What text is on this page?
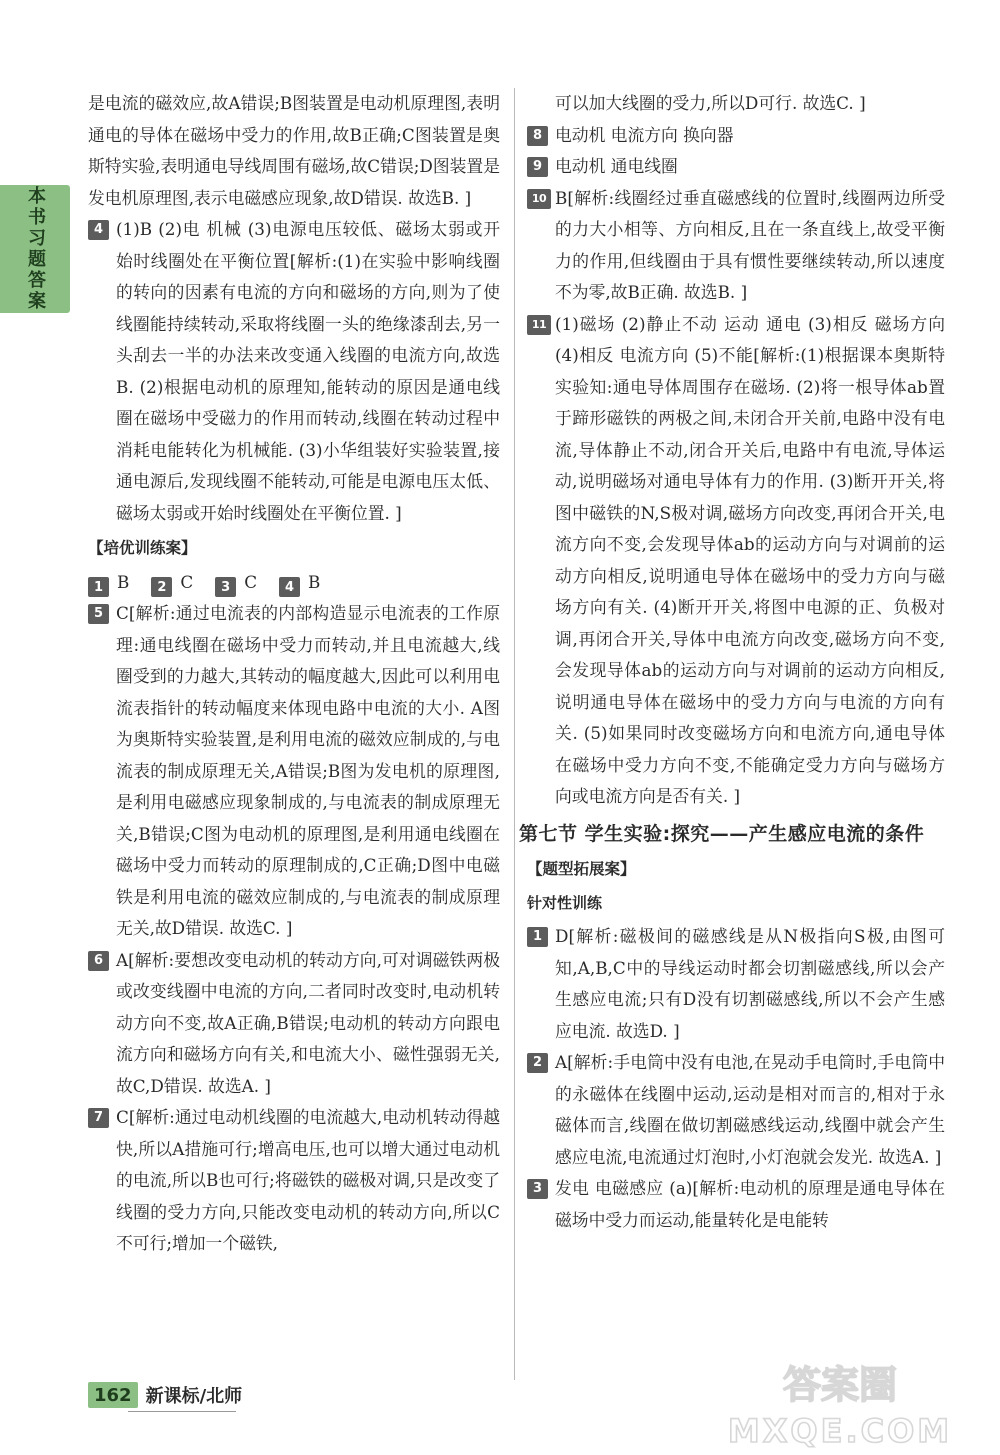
本书习题答案

是电流的磁效应,故A错误;B图装置是电动机原理图,表明通电的导体在磁场中受力的作用,故B正确;C图装置是奥斯特实验,表明通电导线周围有磁场,故C错误;D图装置是发电机原理图,表示电磁感应现象,故D错误. 故选B. ]

4 (1)B (2)电 机械 (3)电源电压较低、磁场太弱或开始时线圈处在平衡位置[解析:(1)在实验中影响线圈的转向的因素有电流的方向和磁场的方向,则为了使线圈能持续转动,采取将线圈一头的绝缘漆刮去,另一头刮去一半的办法来改变通入线圈的电流方向,故选B. (2)根据电动机的原理知,能转动的原因是通电线圈在磁场中受磁力的作用而转动,线圈在转动过程中消耗电能转化为机械能. (3)小华组装好实验装置,接通电源后,发现线圈不能转动,可能是电源电压太低、磁场太弱或开始时线圈处在平衡位置. ]
【培优训练案】
1 B	2 C	3 C	4 B
5 C[解析:通过电流表的内部构造显示电流表的工作原理:通电线圈在磁场中受力而转动,并且电流越大,线圈受到的力越大,其转动的幅度越大,因此可以利用电流表指针的转动幅度来体现电路中电流的大小. A图为奥斯特实验装置,是利用电流的磁效应制成的,与电流表的制成原理无关,A错误;B图为发电机的原理图,是利用电磁感应现象制成的,与电流表的制成原理无关,B错误;C图为电动机的原理图,是利用通电线圈在磁场中受力而转动的原理制成的,C正确;D图中电磁铁是利用电流的磁效应制成的,与电流表的制成原理无关,故D错误. 故选C. ]
6 A[解析:要想改变电动机的转动方向,可对调磁铁两极或改变线圈中电流的方向,二者同时改变时,电动机转动方向不变,故A正确,B错误;电动机的转动方向跟电流方向和磁场方向有关,和电流大小、磁性强弱无关,故C,D错误. 故选A. ]
7 C[解析:通过电动机线圈的电流越大,电动机转动得越快,所以A措施可行;增高电压,也可以增大通过电动机的电流,所以B也可行;将磁铁的磁极对调,只是改变了线圈的受力方向,只能改变电动机的转动方向,所以C不可行;增加一个磁铁,

可以加大线圈的受力,所以D可行. 故选C. ]

8 电动机 电流方向 换向器
9 电动机 通电线圈
10 B[解析:线圈经过垂直磁感线的位置时,线圈两边所受的力大小相等、方向相反,且在一条直线上,故受平衡力的作用,但线圈由于具有惯性要继续转动,所以速度不为零,故B正确. 故选B. ]
11 (1)磁场 (2)静止不动 运动 通电 (3)相反 磁场方向 (4)相反 电流方向 (5)不能[解析:(1)根据课本奥斯特实验知:通电导体周围存在磁场. (2)将一根导体ab置于蹄形磁铁的两极之间,未闭合开关前,电路中没有电流,导体静止不动,闭合开关后,电路中有电流,导体运动,说明磁场对通电导体有力的作用. (3)断开开关,将图中磁铁的N,S极对调,磁场方向改变,再闭合开关,电流方向不变,会发现导体ab的运动方向与对调前的运动方向相反,说明通电导体在磁场中的受力方向与磁场方向有关. (4)断开开关,将图中电源的正、负极对调,再闭合开关,导体中电流方向改变,磁场方向不变,会发现导体ab的运动方向与对调前的运动方向相反,说明通电导体在磁场中的受力方向与电流的方向有关. (5)如果同时改变磁场方向和电流方向,通电导体在磁场中受力方向不变,不能确定受力方向与磁场方向或电流方向是否有关. ]
第七节 学生实验:探究——产生感应电流的条件
【题型拓展案】
针对性训练
1 D[解析:磁极间的磁感线是从N极指向S极,由图可知,A,B,C中的导线运动时都会切割磁感线,所以会产生感应电流;只有D没有切割磁感线,所以不会产生感应电流. 故选D. ]
2 A[解析:手电筒中没有电池,在晃动手电筒时,手电筒中的永磁体在线圈中运动,运动是相对而言的,相对于永磁体而言,线圈在做切割磁感线运动,线圈中就会产生感应电流,电流通过灯泡时,小灯泡就会发光. 故选A. ]
3 发电 电磁感应 (a)[解析:电动机的原理是通电导体在磁场中受力而运动,能量转化是电能转
162 新课标/北师	答案圈
MXQE.COM
